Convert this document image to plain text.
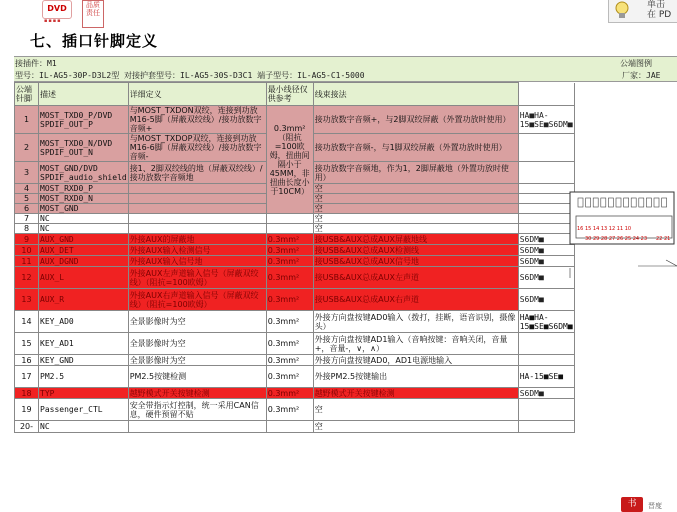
DVD
▪▪▪▪
品质 责任
单击
在 PD
七、插口针脚定义
接插件：M1	公端图例
型号：IL-AG5-30P-D3L2型 对接护套型号：IL-AG5-30S-D3C1 端子型号：IL-AG5-C1-5000	厂家：JAE
公端针脚	描述	详细定义	最小线径仅供参考	线束接法	
1	MOST_TXD0_P/DVD SPDIF_OUT_P	与MOST_TXDON双绞，连接到功放M16-5脚（屏蔽双绞线）/接功放数字音频+	0.3mm²（阻抗=100欧姆，扭曲间隔小于45MM，非扭曲长度小于10CM）	接功放数字音频+，与2脚双绞屏蔽（外置功放时使用）	HA■HA-15■SE■S6DM■
2	MOST_TXD0_N/DVD SPDIF_OUT_N	与MOST_TXDOP双绞，连接到功放M16-6脚（屏蔽双绞线）/接功放数字音频-		接功放数字音频-，与1脚双绞屏蔽（外置功放时使用）	
3	MOST_GND/DVD SPDIF_audio_shield	接1、2脚双绞线的地（屏蔽双绞线）/接功放数字音频地		接功放数字音频地，作为1，2脚屏蔽地（外置功放时使用）	
4	MOST_RXD0_P			空	
5	MOST_RXD0_N			空	
6	MOST_GND			空	
7	NC			空	
8	NC			空	
9	AUX_GND	外接AUX的屏蔽地	0.3mm²	接USB&AUX总成AUX屏蔽地线	S6DM■
10	AUX_DET	外接AUX输入检测信号	0.3mm²	接USB&AUX总成AUX检测线	S6DM■
11	AUX_DGND	外接AUX输入信号地	0.3mm²	接USB&AUX总成AUX信号地	S6DM■
12	AUX_L	外接AUX左声道输入信号（屏蔽双绞线）（阻抗=100欧姆）	0.3mm²	接USB&AUX总成AUX左声道	S6DM■
13	AUX_R	外接AUX右声道输入信号（屏蔽双绞线）（阻抗=100欧姆）	0.3mm²	接USB&AUX总成AUX右声道	S6DM■
14	KEY_AD0	全景影像时为空	0.3mm²	外接方向盘按键AD0输入（拨打，挂断，语音识别，摄像头）	HA■HA-15■SE■S6DM■
15	KEY_AD1	全景影像时为空	0.3mm²	外接方向盘按键AD1输入（音响按键：音响关闭，音量+，音量-，∨，∧）	
16	KEY_GND	全景影像时为空	0.3mm²	外接方向盘按键AD0，AD1电源地输入	
17	PM2.5	PM2.5按键检测	0.3mm²	外接PM2.5按键输出	HA-15■SE■
18	TYP	越野模式开关按键检测	0.3mm²	越野模式开关按键检测	S6DM■
19	Passenger_CTL	安全带指示灯控制，统一采用CAN信息，硬件预留不贴	0.3mm²	空	
20-	NC			空	
16 15 14 13 12 11 10
30 29 28 27 26 25 24 23 22 21
书	晋度
